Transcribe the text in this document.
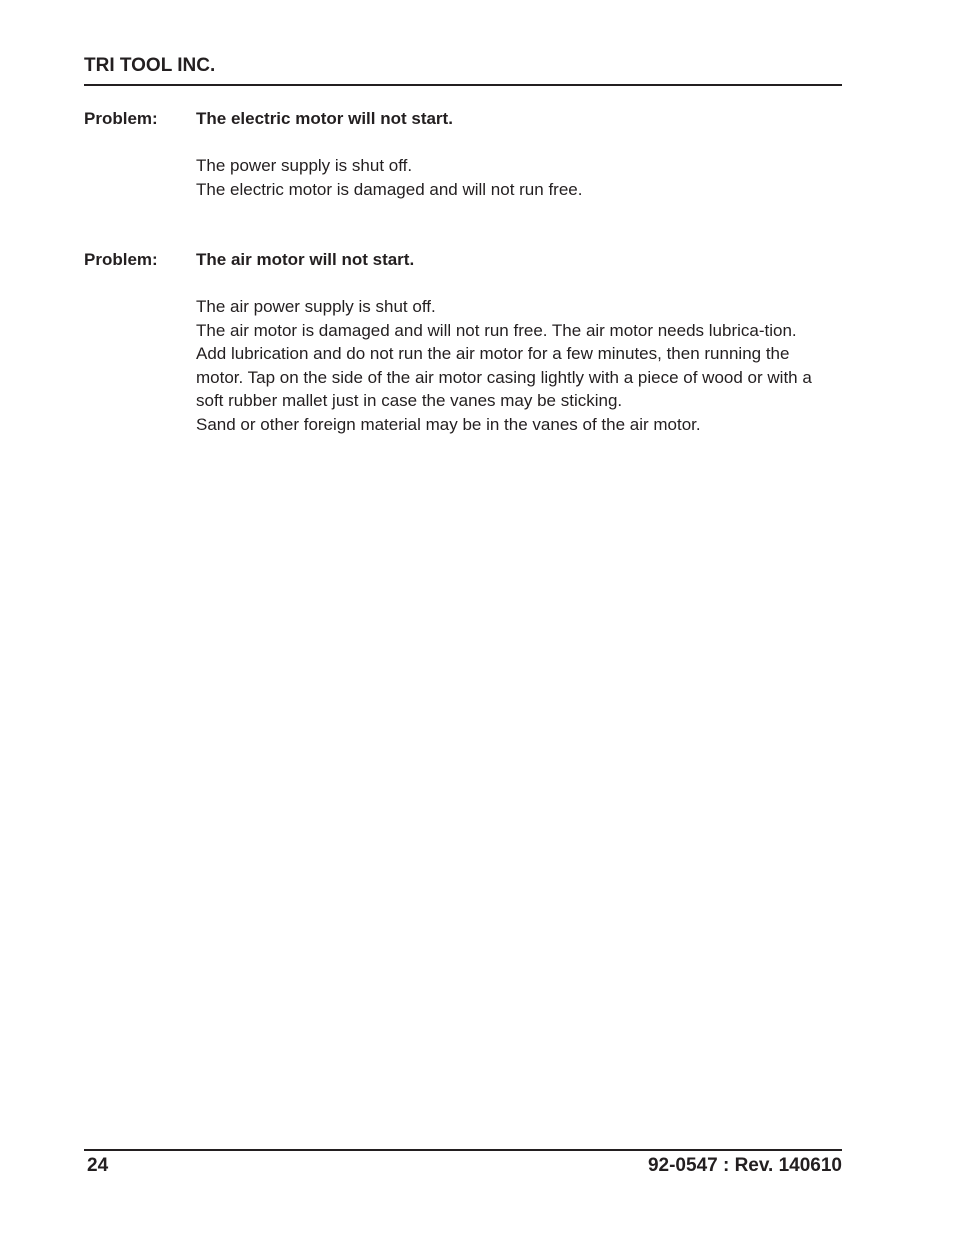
TRI TOOL INC.
Problem:	The electric motor will not start.
The power supply is shut off.
The electric motor is damaged and will not run free.
Problem:	The air motor will not start.
The air power supply is shut off.
The air motor is damaged and will not run free. The air motor needs lubrica-tion.
Add lubrication and do not run the air motor for a few minutes, then running the motor. Tap on the side of the air motor casing lightly with a piece of wood or with a soft rubber mallet just in case the vanes may be sticking.
Sand or other foreign material may be in the vanes of the air motor.
24	92-0547 : Rev. 140610
